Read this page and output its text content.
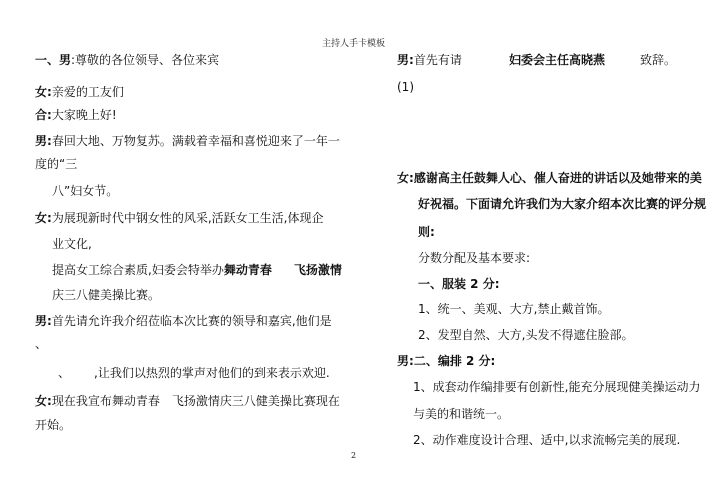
主持人手卡模板
一、男:尊敬的各位领导、各位来宾
女:亲爱的工友们
合:大家晚上好!
男:春回大地、万物复苏。满载着幸福和喜悦迎来了一年一
度的“三
八”妇女节。
女:为展现新时代中钢女性的风采,活跃女工生活,体现企
业文化,
提高女工综合素质,妇委会特举办舞动青春 飞扬激情
庆三八健美操比赛。
男:首先请允许我介绍莅临本次比赛的领导和嘉宾,他们是
、
、 ,让我们以热烈的掌声对他们的到来表示欢迎.
女:现在我宣布舞动青春　飞扬激情庆三八健美操比赛现在
开始。
男:首先有请	妇委会主任高晓燕	致辞。
(1)
女:感谢高主任鼓舞人心、催人奋进的讲话以及她带来的美
好祝福。下面请允许我们为大家介绍本次比赛的评分规
则:
分数分配及基本要求:
一、服装 2 分:
1、统一、美观、大方,禁止戴首饰。
2、发型自然、大方,头发不得遮住脸部。
男:二、编排 2 分:
1、成套动作编排要有创新性,能充分展现健美操运动力
与美的和谐统一。
2、动作难度设计合理、适中,以求流畅完美的展现.
2
